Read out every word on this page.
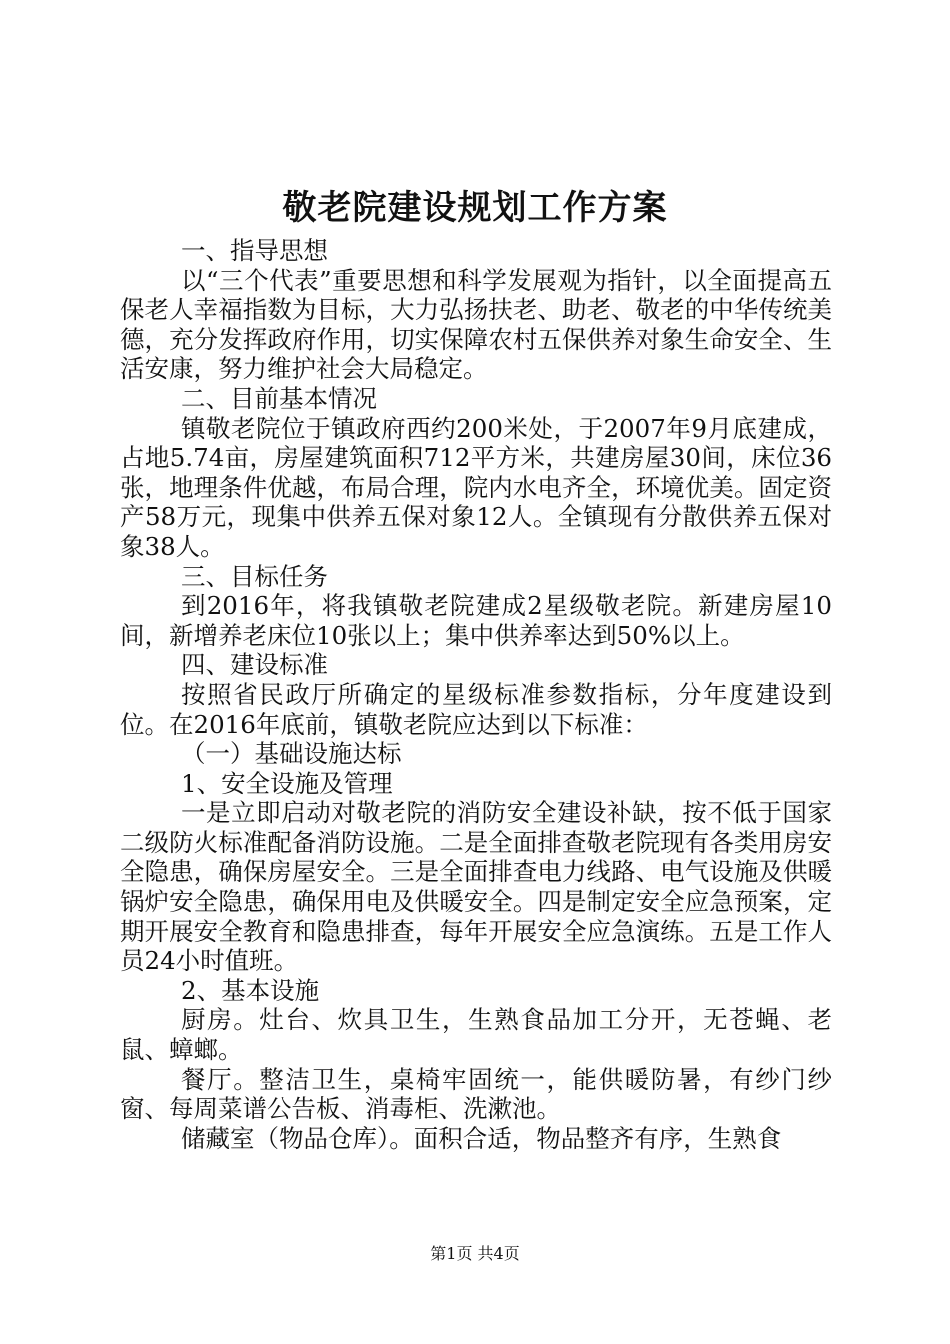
敬老院建设规划工作方案

一、指导思想

以“三个代表”重要思想和科学发展观为指针，以全面提高五保老人幸福指数为目标，大力弘扬扶老、助老、敬老的中华传统美德，充分发挥政府作用，切实保障农村五保供养对象生命安全、生活安康，努力维护社会大局稳定。

二、目前基本情况

镇敬老院位于镇政府西约200米处，于2007年9月底建成，占地5.74亩，房屋建筑面积712平方米，共建房屋30间，床位36张，地理条件优越，布局合理，院内水电齐全，环境优美。固定资产58万元，现集中供养五保对象12人。全镇现有分散供养五保对象38人。

三、目标任务

到2016年，将我镇敬老院建成2星级敬老院。新建房屋10间，新增养老床位10张以上；集中供养率达到50%以上。

四、建设标准

按照省民政厅所确定的星级标准参数指标，分年度建设到位。在2016年底前，镇敬老院应达到以下标准：

（一）基础设施达标

1、安全设施及管理

一是立即启动对敬老院的消防安全建设补缺，按不低于国家二级防火标准配备消防设施。二是全面排查敬老院现有各类用房安全隐患，确保房屋安全。三是全面排查电力线路、电气设施及供暖锅炉安全隐患，确保用电及供暖安全。四是制定安全应急预案，定期开展安全教育和隐患排查，每年开展安全应急演练。五是工作人员24小时值班。

2、基本设施

厨房。灶台、炊具卫生，生熟食品加工分开，无苍蝇、老鼠、蟑螂。

餐厅。整洁卫生，桌椅牢固统一，能供暖防暑，有纱门纱窗、每周菜谱公告板、消毒柜、洗漱池。

储藏室（物品仓库）。面积合适，物品整齐有序，生熟食

第1页 共4页
